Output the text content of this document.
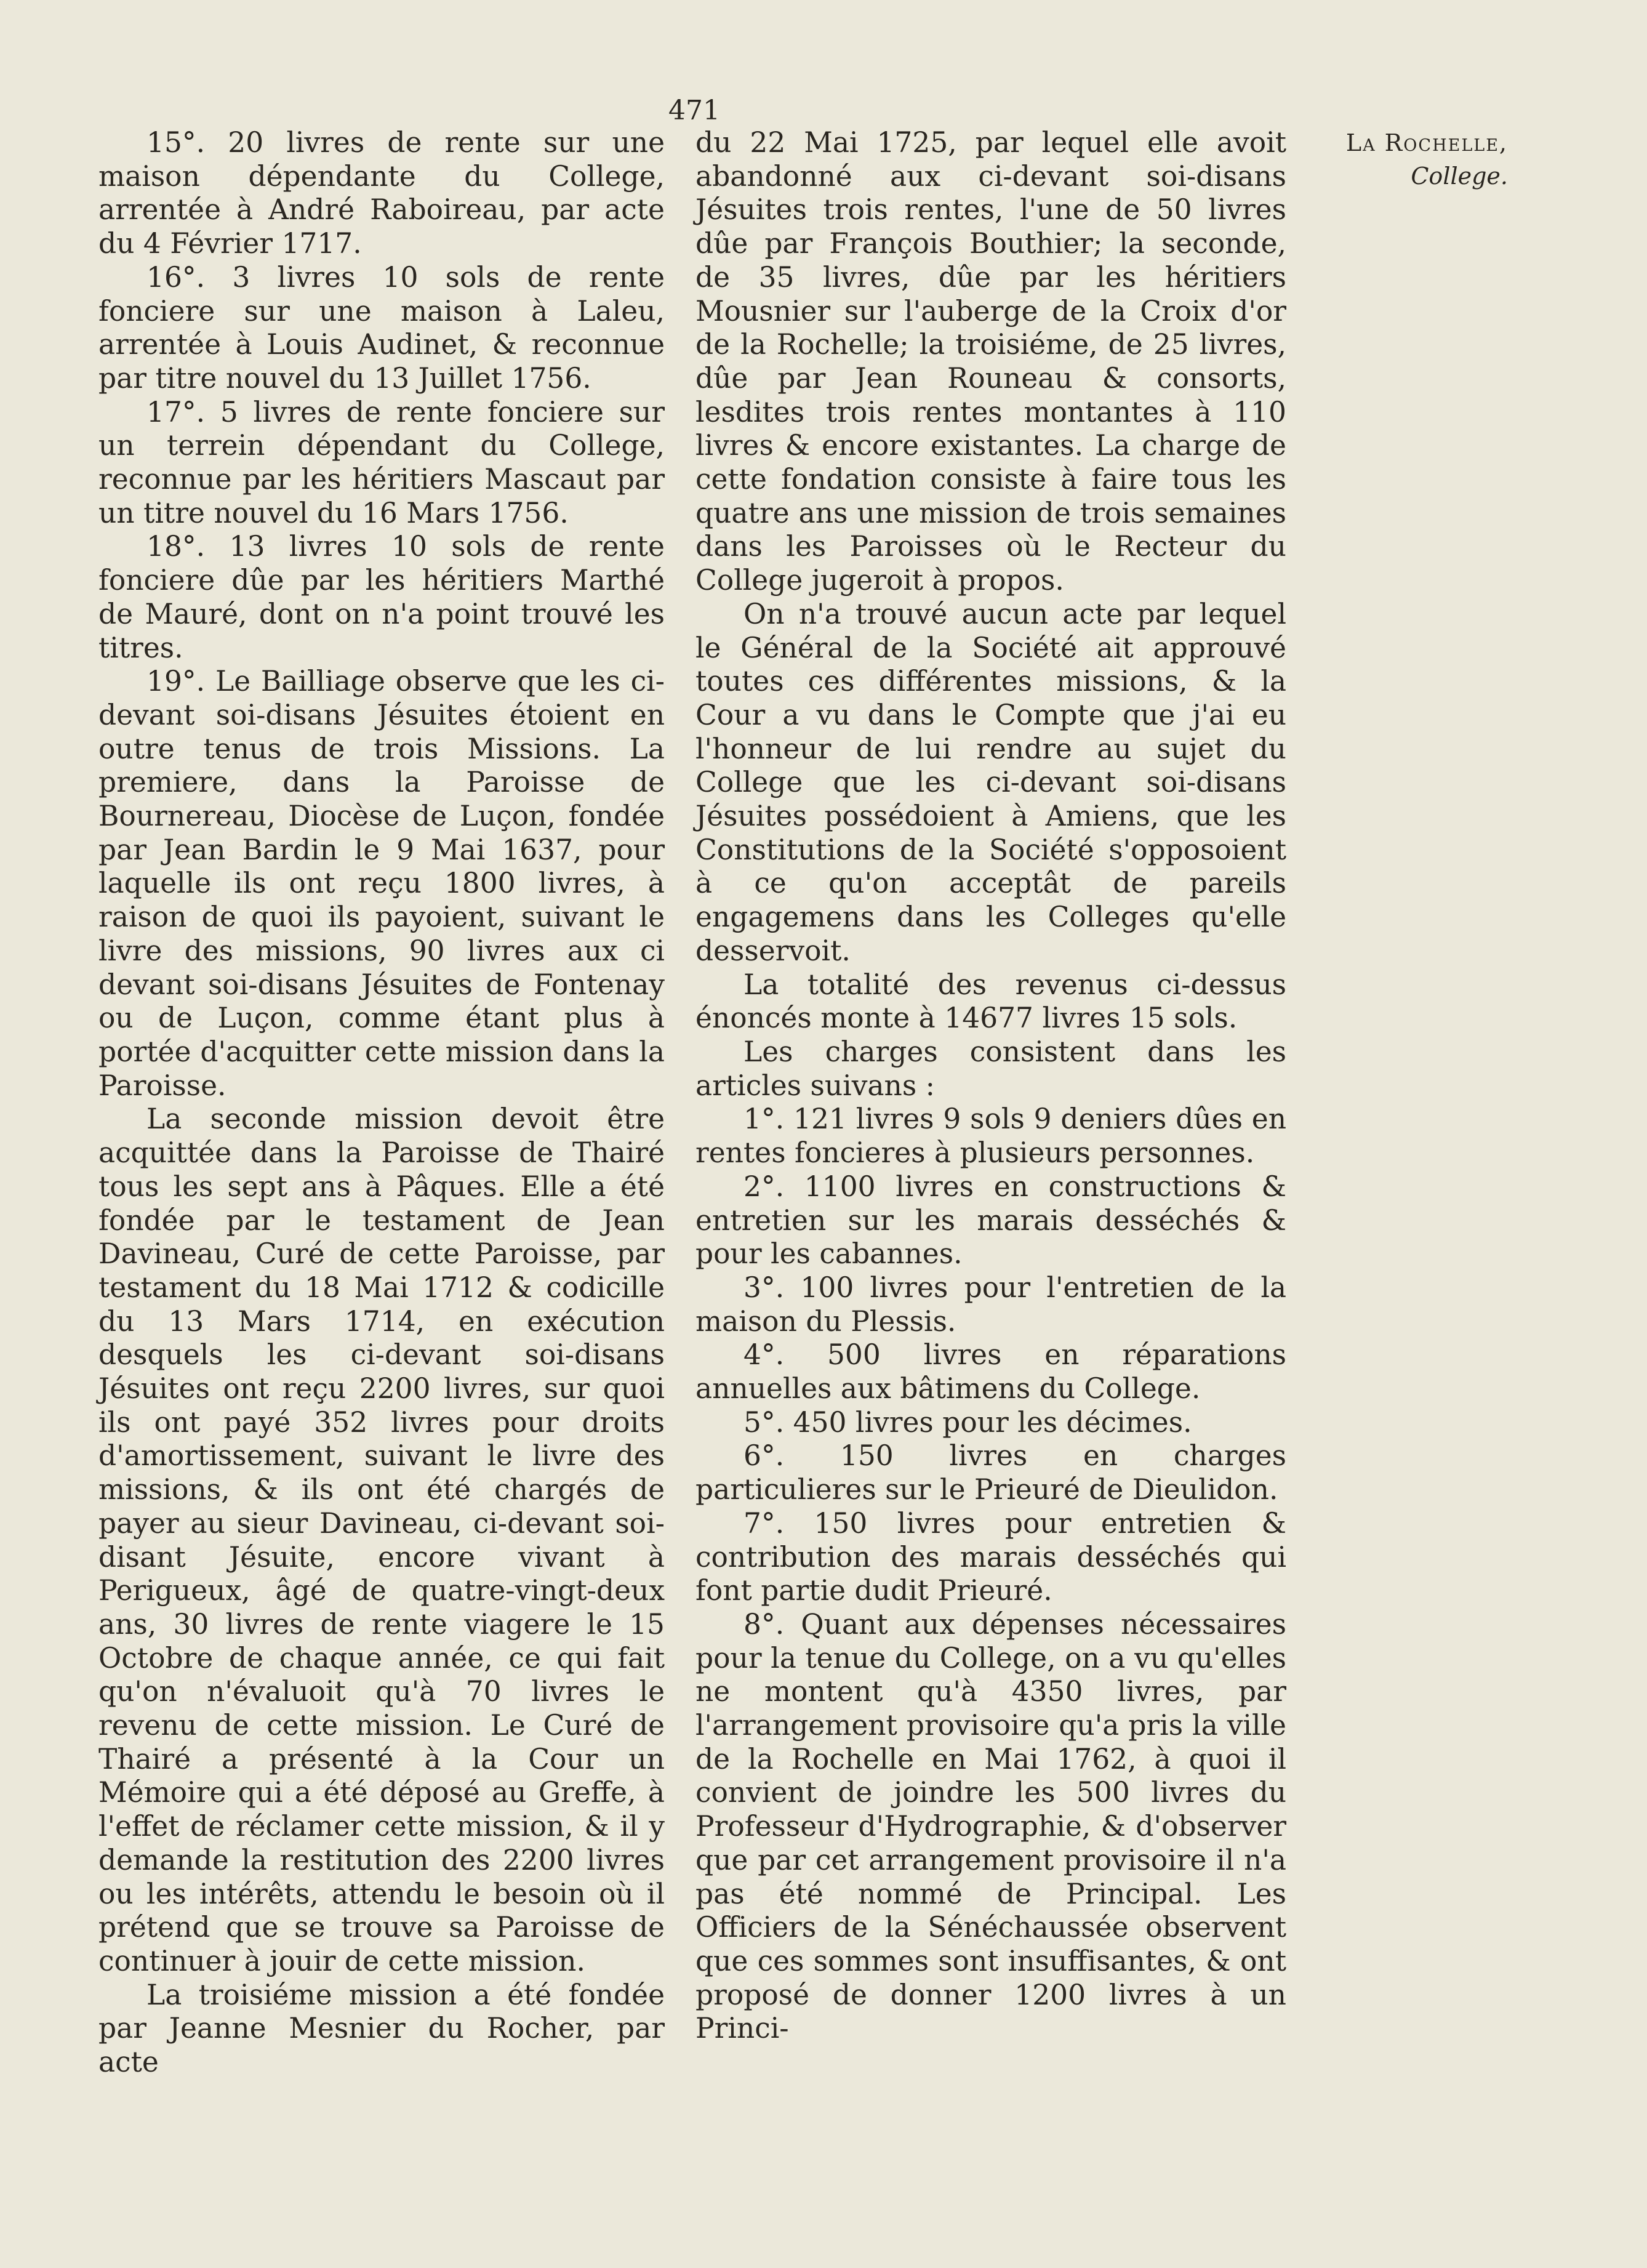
471

La Rochelle,
College.

15°. 20 livres de rente sur une maison dépendante du College, arrentée à André Raboireau, par acte du 4 Février 1717.

16°. 3 livres 10 sols de rente fonciere sur une maison à Laleu, arrentée à Louis Audinet, & reconnue par titre nouvel du 13 Juillet 1756.

17°. 5 livres de rente fonciere sur un terrein dépendant du College, reconnue par les héritiers Mascaut par un titre nouvel du 16 Mars 1756.

18°. 13 livres 10 sols de rente fonciere dûe par les héritiers Marthé de Mauré, dont on n'a point trouvé les titres.

19°. Le Bailliage observe que les ci-devant soi-disans Jésuites étoient en outre tenus de trois Missions. La premiere, dans la Paroisse de Bournereau, Diocèse de Luçon, fondée par Jean Bardin le 9 Mai 1637, pour laquelle ils ont reçu 1800 livres, à raison de quoi ils payoient, suivant le livre des missions, 90 livres aux ci devant soi-disans Jésuites de Fontenay ou de Luçon, comme étant plus à portée d'acquitter cette mission dans la Paroisse.

La seconde mission devoit être acquittée dans la Paroisse de Thairé tous les sept ans à Pâques. Elle a été fondée par le testament de Jean Davineau, Curé de cette Paroisse, par testament du 18 Mai 1712 & codicille du 13 Mars 1714, en exécution desquels les ci-devant soi-disans Jésuites ont reçu 2200 livres, sur quoi ils ont payé 352 livres pour droits d'amortissement, suivant le livre des missions, & ils ont été chargés de payer au sieur Davineau, ci-devant soi-disant Jésuite, encore vivant à Perigueux, âgé de quatre-vingt-deux ans, 30 livres de rente viagere le 15 Octobre de chaque année, ce qui fait qu'on n'évaluoit qu'à 70 livres le revenu de cette mission. Le Curé de Thairé a présenté à la Cour un Mémoire qui a été déposé au Greffe, à l'effet de réclamer cette mission, & il y demande la restitution des 2200 livres ou les intérêts, attendu le besoin où il prétend que se trouve sa Paroisse de continuer à jouir de cette mission.

La troisiéme mission a été fondée par Jeanne Mesnier du Rocher, par acte

du 22 Mai 1725, par lequel elle avoit abandonné aux ci-devant soi-disans Jésuites trois rentes, l'une de 50 livres dûe par François Bouthier; la seconde, de 35 livres, dûe par les héritiers Mousnier sur l'auberge de la Croix d'or de la Rochelle; la troisiéme, de 25 livres, dûe par Jean Rouneau & consorts, lesdites trois rentes montantes à 110 livres & encore existantes. La charge de cette fondation consiste à faire tous les quatre ans une mission de trois semaines dans les Paroisses où le Recteur du College jugeroit à propos.

On n'a trouvé aucun acte par lequel le Général de la Société ait approuvé toutes ces différentes missions, & la Cour a vu dans le Compte que j'ai eu l'honneur de lui rendre au sujet du College que les ci-devant soi-disans Jésuites possédoient à Amiens, que les Constitutions de la Société s'opposoient à ce qu'on acceptât de pareils engagemens dans les Colleges qu'elle desservoit.

La totalité des revenus ci-dessus énoncés monte à 14677 livres 15 sols.

Les charges consistent dans les articles suivans :

1°. 121 livres 9 sols 9 deniers dûes en rentes foncieres à plusieurs personnes.

2°. 1100 livres en constructions & entretien sur les marais desséchés & pour les cabannes.

3°. 100 livres pour l'entretien de la maison du Plessis.

4°. 500 livres en réparations annuelles aux bâtimens du College.

5°. 450 livres pour les décimes.

6°. 150 livres en charges particulieres sur le Prieuré de Dieulidon.

7°. 150 livres pour entretien & contribution des marais desséchés qui font partie dudit Prieuré.

8°. Quant aux dépenses nécessaires pour la tenue du College, on a vu qu'elles ne montent qu'à 4350 livres, par l'arrangement provisoire qu'a pris la ville de la Rochelle en Mai 1762, à quoi il convient de joindre les 500 livres du Professeur d'Hydrographie, & d'observer que par cet arrangement provisoire il n'a pas été nommé de Principal. Les Officiers de la Sénéchaussée observent que ces sommes sont insuffisantes, & ont proposé de donner 1200 livres à un Princi-
